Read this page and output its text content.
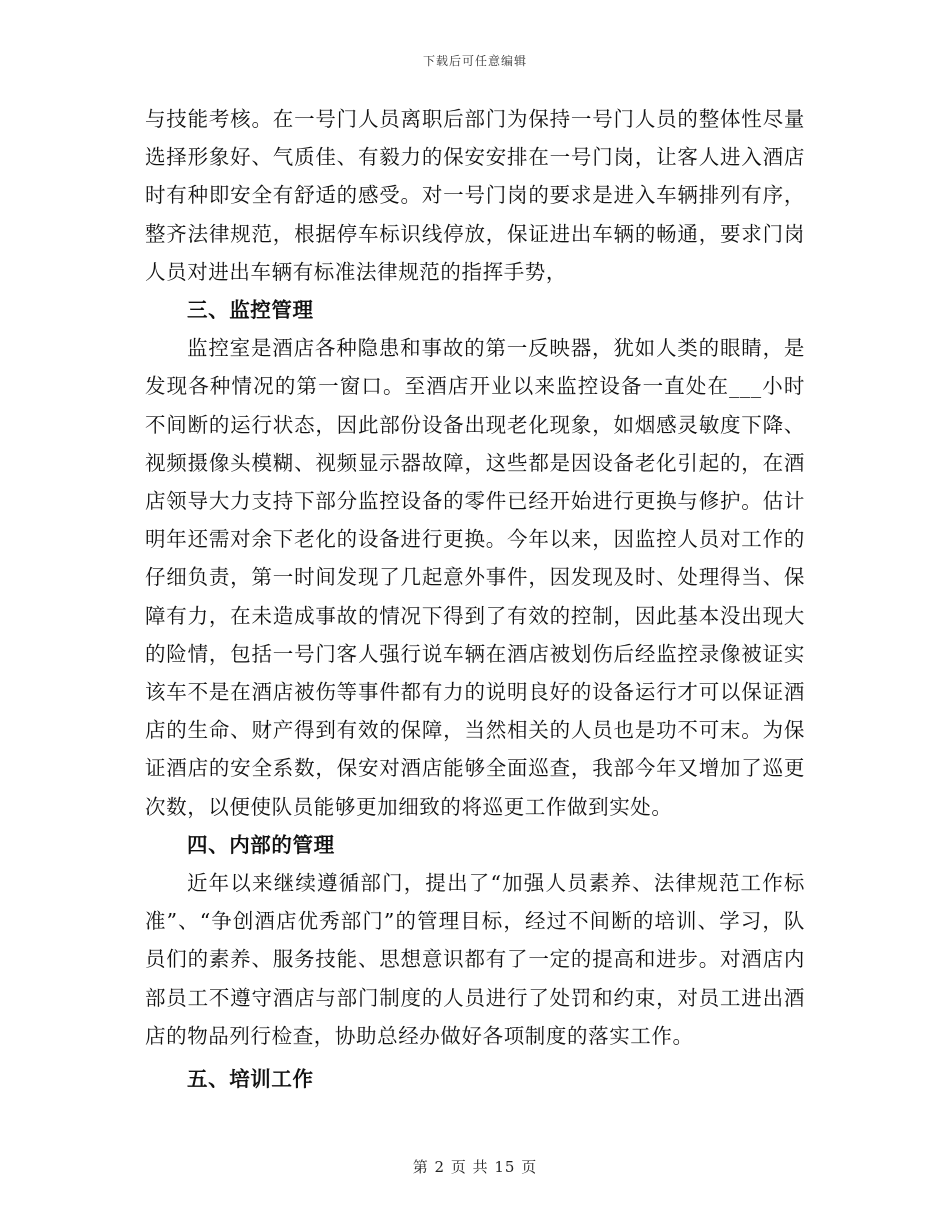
下载后可任意编辑

与技能考核。在一号门人员离职后部门为保持一号门人员的整体性尽量选择形象好、气质佳、有毅力的保安安排在一号门岗，让客人进入酒店时有种即安全有舒适的感受。对一号门岗的要求是进入车辆排列有序，整齐法律规范，根据停车标识线停放，保证进出车辆的畅通，要求门岗人员对进出车辆有标准法律规范的指挥手势，

三、监控管理

监控室是酒店各种隐患和事故的第一反映器，犹如人类的眼睛，是发现各种情况的第一窗口。至酒店开业以来监控设备一直处在___小时不间断的运行状态，因此部份设备出现老化现象，如烟感灵敏度下降、视频摄像头模糊、视频显示器故障，这些都是因设备老化引起的，在酒店领导大力支持下部分监控设备的零件已经开始进行更换与修护。估计明年还需对余下老化的设备进行更换。今年以来，因监控人员对工作的仔细负责，第一时间发现了几起意外事件，因发现及时、处理得当、保障有力，在未造成事故的情况下得到了有效的控制，因此基本没出现大的险情，包括一号门客人强行说车辆在酒店被划伤后经监控录像被证实该车不是在酒店被伤等事件都有力的说明良好的设备运行才可以保证酒店的生命、财产得到有效的保障，当然相关的人员也是功不可末。为保证酒店的安全系数，保安对酒店能够全面巡查，我部今年又增加了巡更次数，以便使队员能够更加细致的将巡更工作做到实处。

四、内部的管理

近年以来继续遵循部门，提出了“加强人员素养、法律规范工作标准”、“争创酒店优秀部门”的管理目标，经过不间断的培训、学习，队员们的素养、服务技能、思想意识都有了一定的提高和进步。对酒店内部员工不遵守酒店与部门制度的人员进行了处罚和约束，对员工进出酒店的物品列行检查，协助总经办做好各项制度的落实工作。

五、培训工作
第 2 页 共 15 页
